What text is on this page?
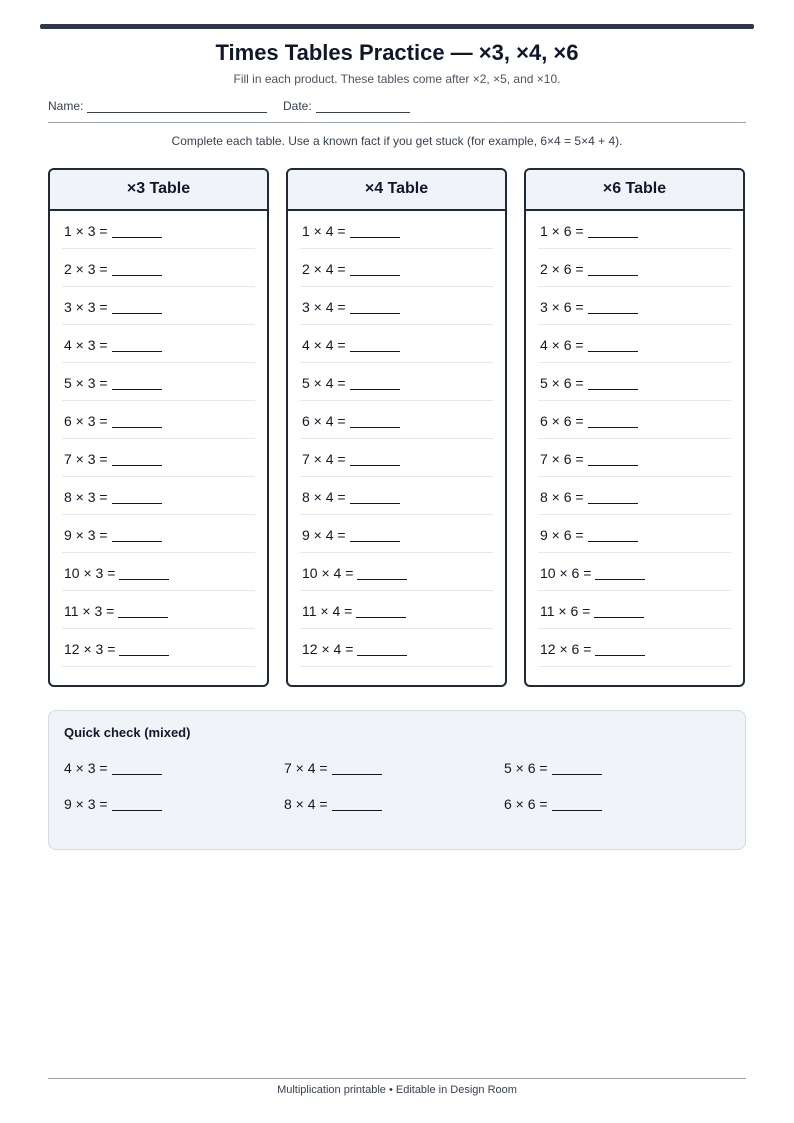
Times Tables Practice — ×3, ×4, ×6
Fill in each product. These tables come after ×2, ×5, and ×10.
Name:	Date:
Complete each table. Use a known fact if you get stuck (for example, 6×4 = 5×4 + 4).
×3 Table
1 × 3 =
2 × 3 =
3 × 3 =
4 × 3 =
5 × 3 =
6 × 3 =
7 × 3 =
8 × 3 =
9 × 3 =
10 × 3 =
11 × 3 =
12 × 3 =
×4 Table
1 × 4 =
2 × 4 =
3 × 4 =
4 × 4 =
5 × 4 =
6 × 4 =
7 × 4 =
8 × 4 =
9 × 4 =
10 × 4 =
11 × 4 =
12 × 4 =
×6 Table
1 × 6 =
2 × 6 =
3 × 6 =
4 × 6 =
5 × 6 =
6 × 6 =
7 × 6 =
8 × 6 =
9 × 6 =
10 × 6 =
11 × 6 =
12 × 6 =
Quick check (mixed)
4 × 3 =	7 × 4 =	5 × 6 =
9 × 3 =	8 × 4 =	6 × 6 =
Multiplication printable • Editable in Design Room
